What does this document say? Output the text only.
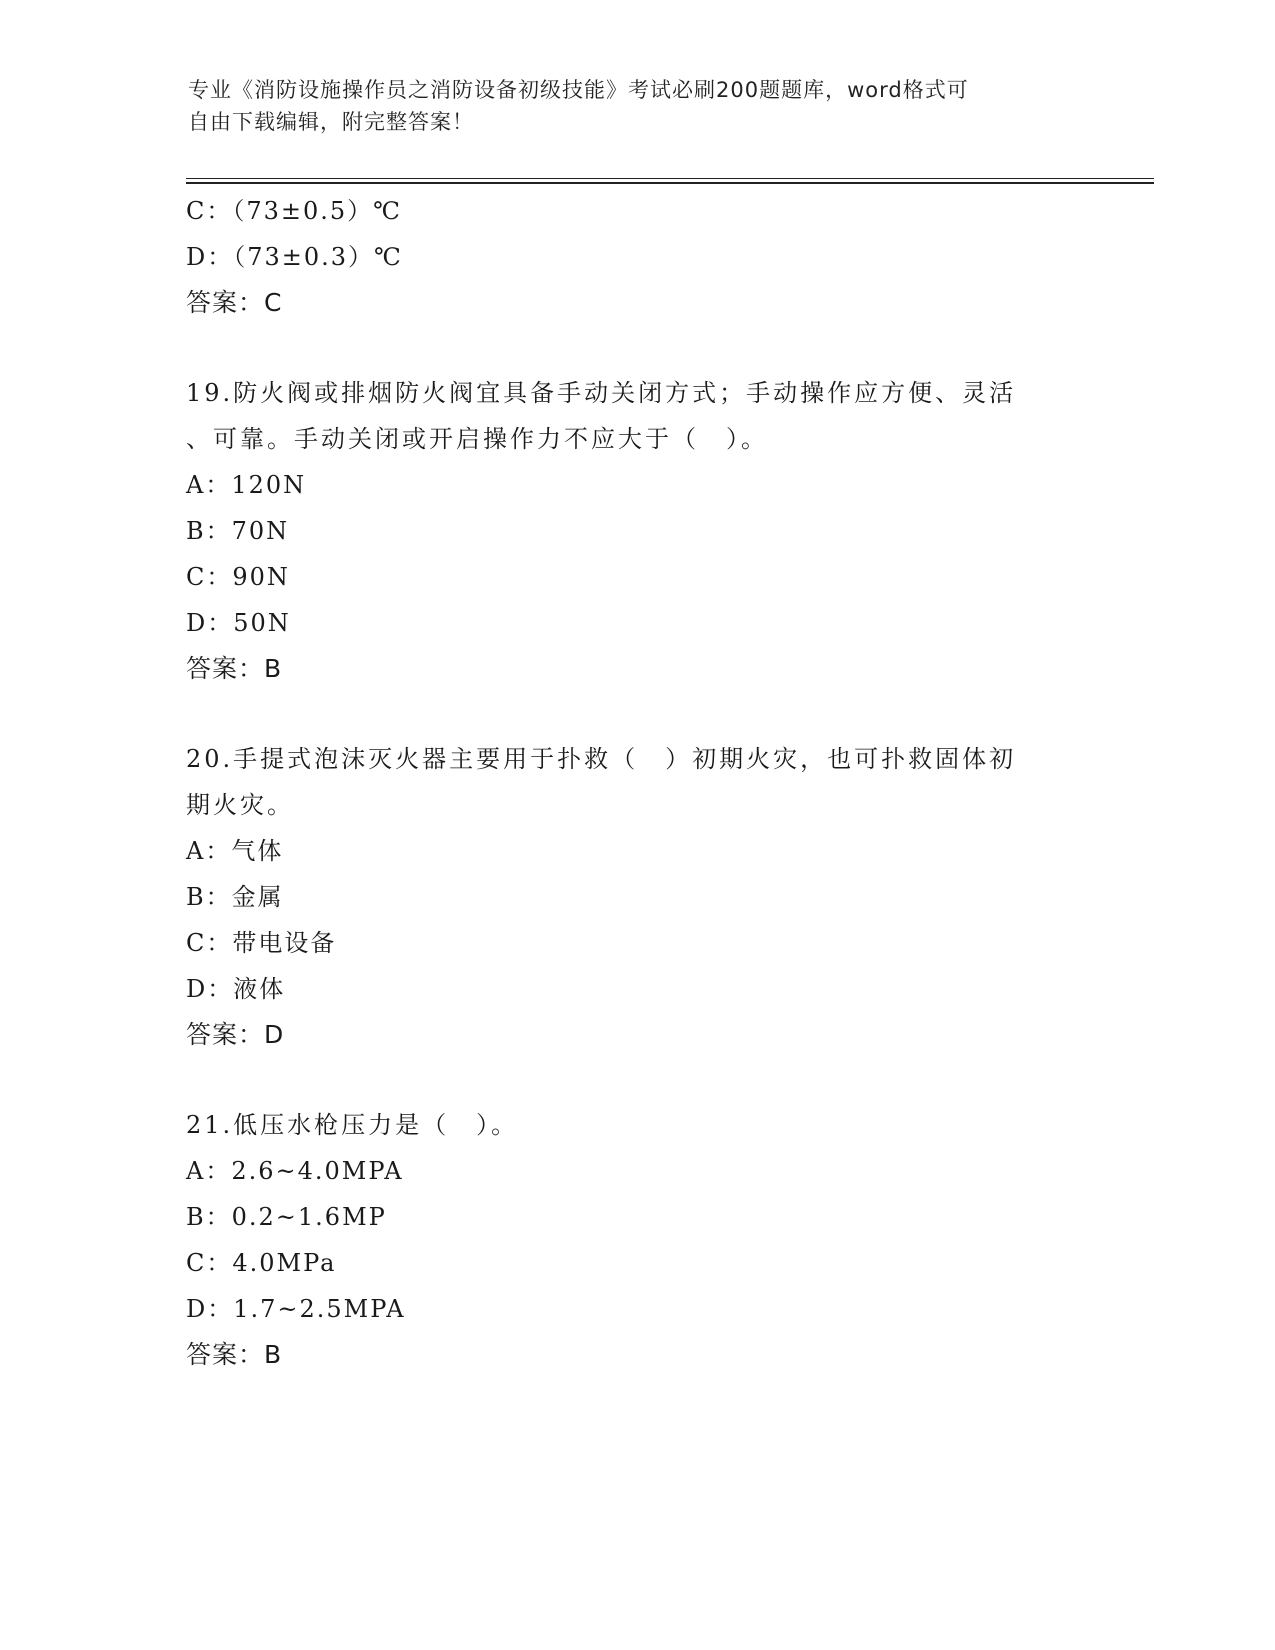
专业《消防设施操作员之消防设备初级技能》考试必刷200题题库，word格式可
自由下载编辑，附完整答案！
C：（73±0.5）℃
D：（73±0.3）℃
答案：C
19.防火阀或排烟防火阀宜具备手动关闭方式；手动操作应方便、灵活
、可靠。手动关闭或开启操作力不应大于（　）。
A：120N
B：70N
C：90N
D：50N
答案：B
20.手提式泡沫灭火器主要用于扑救（　）初期火灾，也可扑救固体初
期火灾。
A：气体
B：金属
C：带电设备
D：液体
答案：D
21.低压水枪压力是（　）。
A：2.6~4.0MPA
B：0.2~1.6MP
C：4.0MPa
D：1.7~2.5MPA
答案：B
